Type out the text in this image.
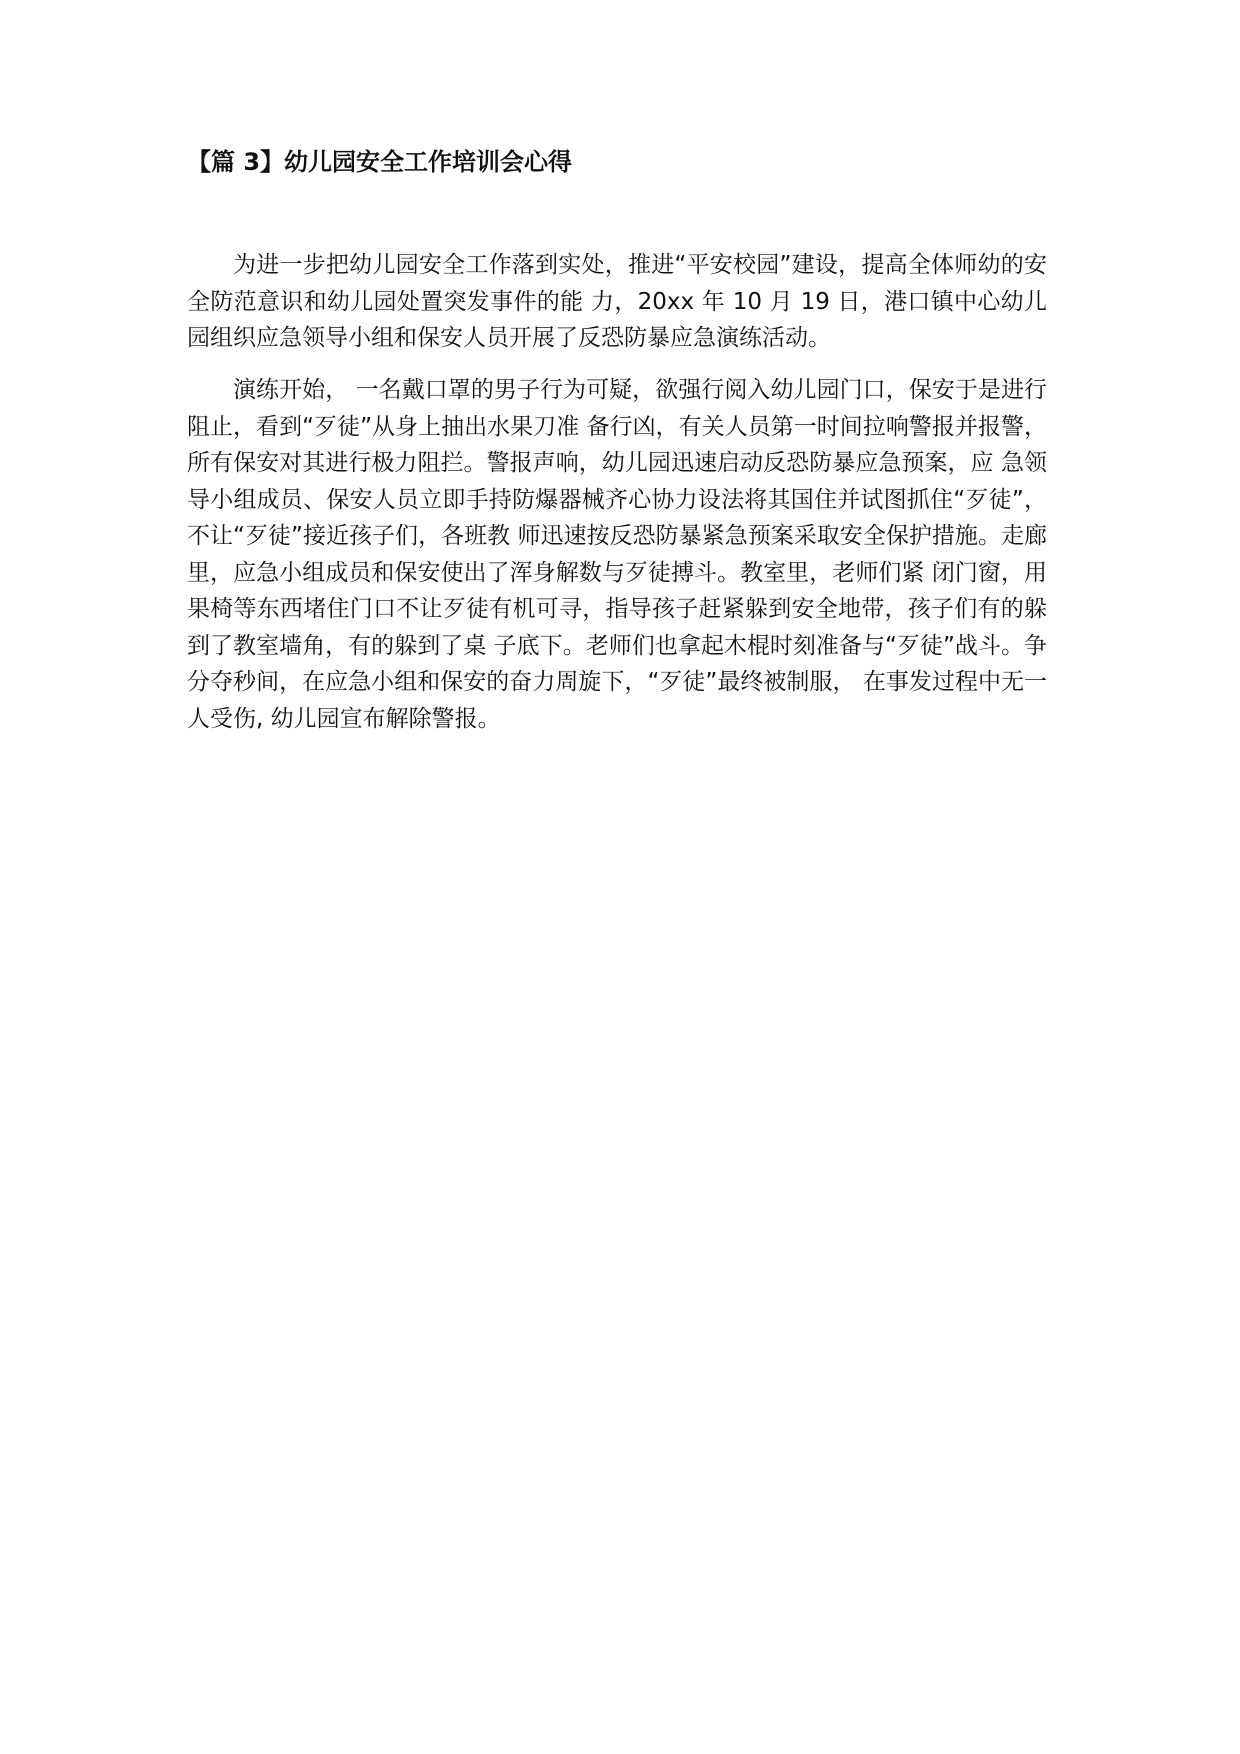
【篇 3】幼儿园安全工作培训会心得

为进一步把幼儿园安全工作落到实处，推进“平安校园”建设，提高全体师幼的安全防范意识和幼儿园处置突发事件的能 力，20xx 年 10 月 19 日，港口镇中心幼儿园组织应急领导小组和保安人员开展了反恐防暴应急演练活动。

演练开始， 一名戴口罩的男子行为可疑，欲强行阅入幼儿园门口，保安于是进行阻止，看到“歹徒”从身上抽出水果刀准 备行凶，有关人员第一时间拉响警报并报警，所有保安对其进行极力阻拦。警报声响，幼儿园迅速启动反恐防暴应急预案，应 急领导小组成员、保安人员立即手持防爆器械齐心协力设法将其国住并试图抓住“歹徒”，不让“歹徒”接近孩子们，各班教 师迅速按反恐防暴紧急预案采取安全保护措施。走廊里，应急小组成员和保安使出了浑身解数与歹徒搏斗。教室里，老师们紧 闭门窗，用果椅等东西堵住门口不让歹徒有机可寻，指导孩子赶紧躲到安全地带，孩子们有的躲到了教室墙角，有的躲到了桌 子底下。老师们也拿起木棍时刻准备与“歹徒”战斗。争分夺秒间，在应急小组和保安的奋力周旋下，“歹徒”最终被制服， 在事发过程中无一人受伤, 幼儿园宣布解除警报。
